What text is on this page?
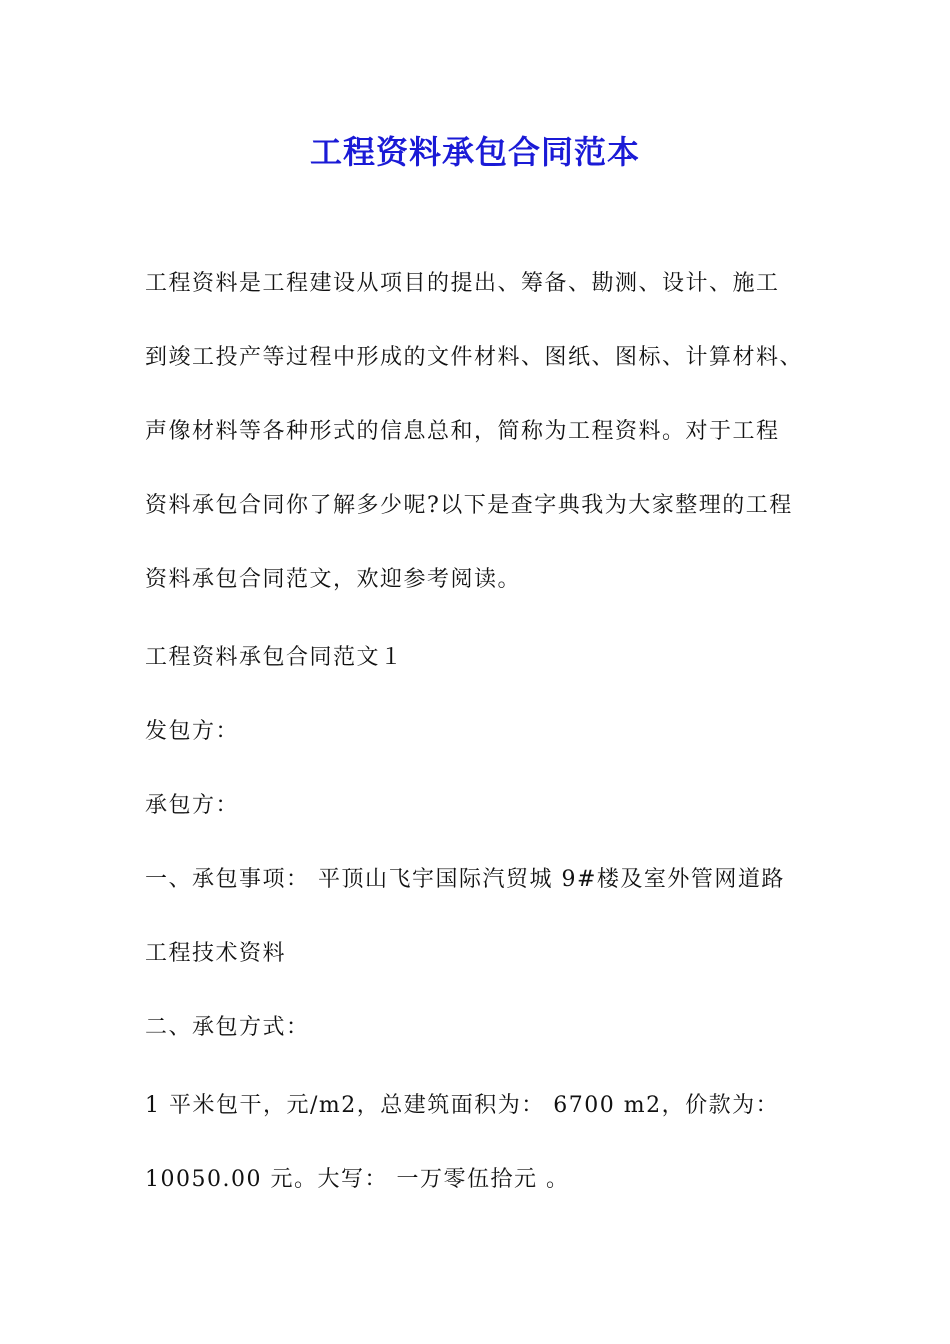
工程资料承包合同范本
工程资料是工程建设从项目的提出、筹备、勘测、设计、施工
到竣工投产等过程中形成的文件材料、图纸、图标、计算材料、
声像材料等各种形式的信息总和，简称为工程资料。对于工程
资料承包合同你了解多少呢?以下是查字典我为大家整理的工程
资料承包合同范文，欢迎参考阅读。
工程资料承包合同范文１
发包方：
承包方：
一、承包事项： 平顶山飞宇国际汽贸城 9#楼及室外管网道路
工程技术资料
二、承包方式：
1 平米包干，元/m2，总建筑面积为： 6700 m2，价款为：
10050.00 元。大写： 一万零伍拾元 。
